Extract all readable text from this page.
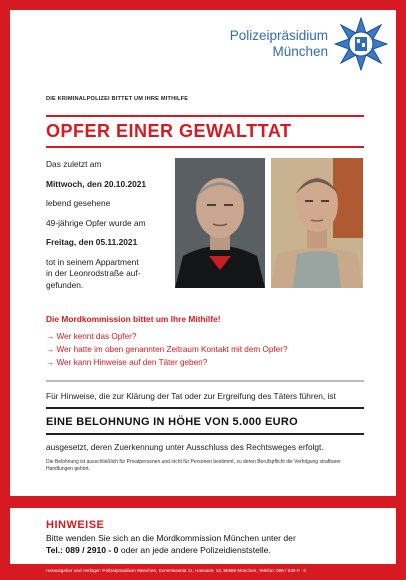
Polizeipräsidium
München
DIE KRIMINALPOLIZEI BITTET UM IHRE MITHILFE
OPFER EINER GEWALTTAT

Das zuletzt am

Mittwoch, den 20.10.2021

lebend gesehene

49-jährige Opfer wurde am

Freitag, den 05.11.2021

tot in seinem Appartment

in der Leonrodstraße auf-

gefunden.

Die Mordkommission bittet um Ihre Mithilfe!
→ Wer kennt das Opfer?
→ Wer hatte im oben genannten Zeitraum Kontakt mit dem Opfer?
→ Wer kann Hinweise auf den Täter geben?
Für Hinweise, die zur Klärung der Tat oder zur Ergreifung des Täters führen, ist
EINE BELOHNUNG IN HÖHE VON 5.000 EURO
ausgesetzt, deren Zuerkennung unter Ausschluss des Rechtsweges erfolgt.
Die Belohnung ist ausschließlich für Privatpersonen und nicht für Personen bestimmt, zu deren Berufspflicht die Verfolgung strafbarer Handlungen gehört.
HINWEISE
Bitte wenden Sie sich an die Mordkommission München unter der
Tel.: 089 / 2910 - 0 oder an jede andere Polizeidienststelle.
Herausgeber und Verleger: Polizeipräsidium München, Kommissariat 11, Hansastr. 24, 80686 München, Telefon: 089 / 630-0 · 0
